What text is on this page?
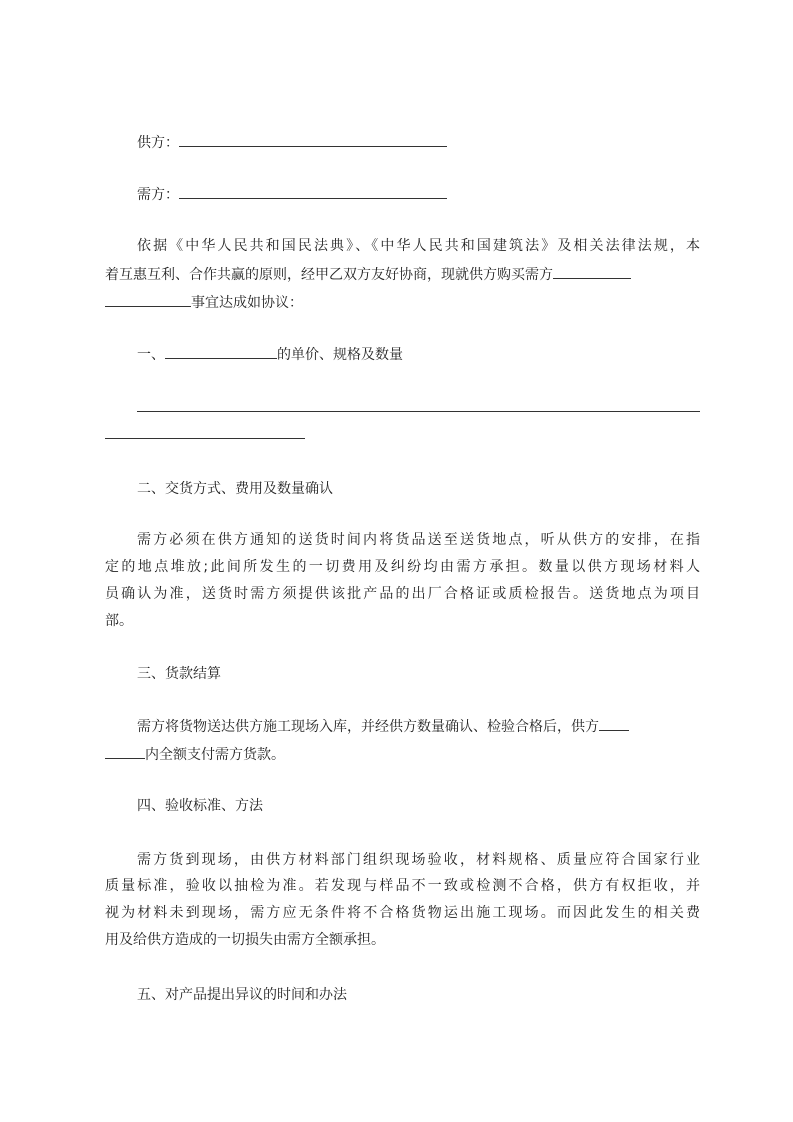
供方：
需方：
依据《中华人民共和国民法典》、《中华人民共和国建筑法》及相关法律法规，本
着互惠互利、合作共赢的原则，经甲乙双方友好协商，现就供方购买需方
事宜达成如协议：
一、	的单价、规格及数量
二、交货方式、费用及数量确认
需方必须在供方通知的送货时间内将货品送至送货地点，听从供方的安排，在指
定的地点堆放;此间所发生的一切费用及纠纷均由需方承担。数量以供方现场材料人
员确认为准，送货时需方须提供该批产品的出厂合格证或质检报告。送货地点为项目
部。
三、货款结算
需方将货物送达供方施工现场入库，并经供方数量确认、检验合格后，供方
内全额支付需方货款。
四、验收标准、方法
需方货到现场，由供方材料部门组织现场验收，材料规格、质量应符合国家行业
质量标准，验收以抽检为准。若发现与样品不一致或检测不合格，供方有权拒收，并
视为材料未到现场，需方应无条件将不合格货物运出施工现场。而因此发生的相关费
用及给供方造成的一切损失由需方全额承担。
五、对产品提出异议的时间和办法
